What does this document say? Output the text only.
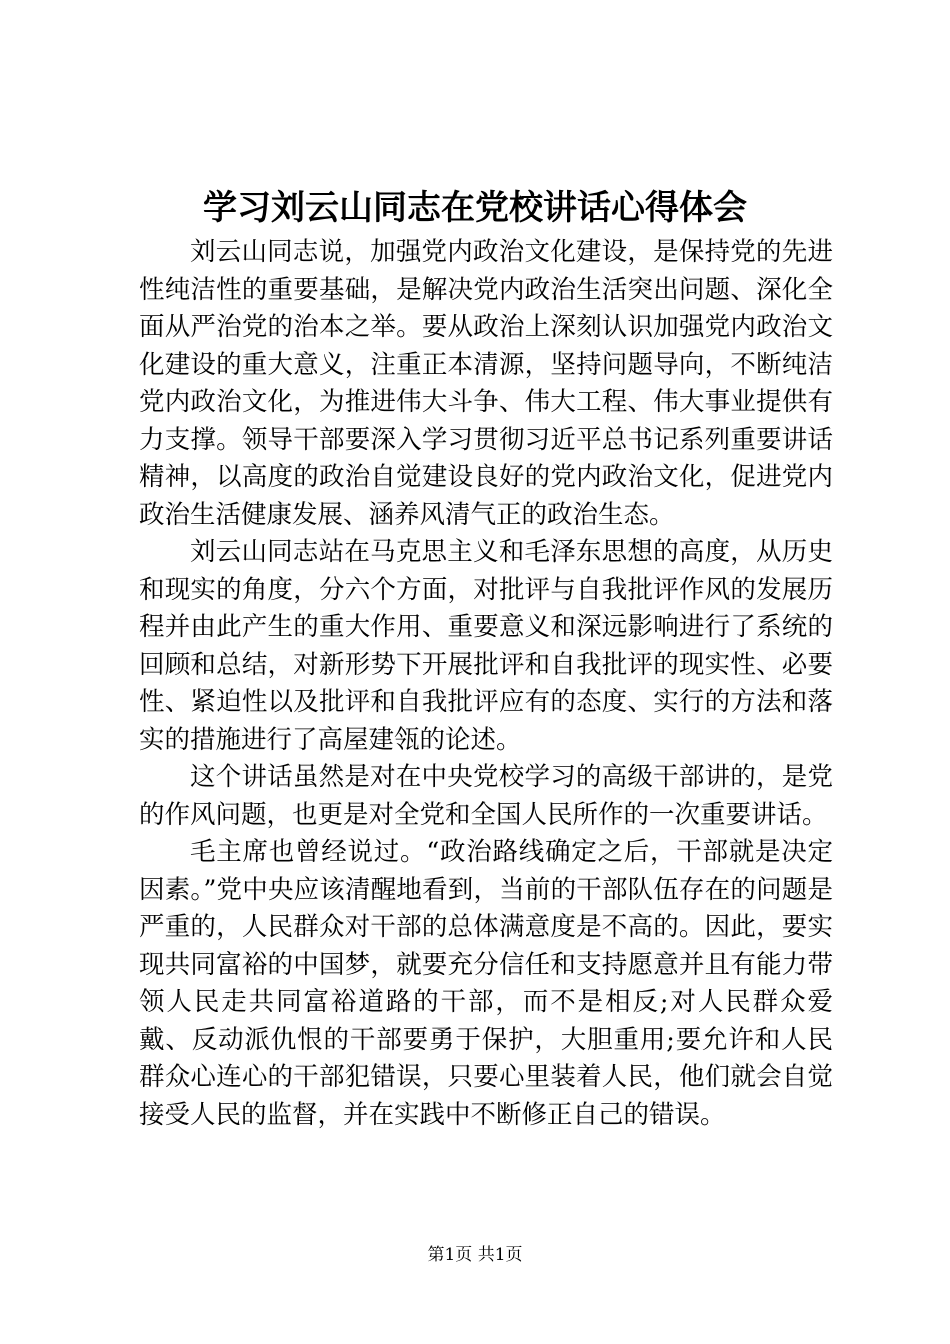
学习刘云山同志在党校讲话心得体会

刘云山同志说，加强党内政治文化建设，是保持党的先进性纯洁性的重要基础，是解决党内政治生活突出问题、深化全面从严治党的治本之举。要从政治上深刻认识加强党内政治文化建设的重大意义，注重正本清源，坚持问题导向，不断纯洁党内政治文化，为推进伟大斗争、伟大工程、伟大事业提供有力支撑。领导干部要深入学习贯彻习近平总书记系列重要讲话精神，以高度的政治自觉建设良好的党内政治文化，促进党内政治生活健康发展、涵养风清气正的政治生态。

刘云山同志站在马克思主义和毛泽东思想的高度，从历史和现实的角度，分六个方面，对批评与自我批评作风的发展历程并由此产生的重大作用、重要意义和深远影响进行了系统的回顾和总结，对新形势下开展批评和自我批评的现实性、必要性、紧迫性以及批评和自我批评应有的态度、实行的方法和落实的措施进行了高屋建瓴的论述。

这个讲话虽然是对在中央党校学习的高级干部讲的，是党的作风问题，也更是对全党和全国人民所作的一次重要讲话。

毛主席也曾经说过。“政治路线确定之后，干部就是决定因素。”党中央应该清醒地看到，当前的干部队伍存在的问题是严重的，人民群众对干部的总体满意度是不高的。因此，要实现共同富裕的中国梦，就要充分信任和支持愿意并且有能力带领人民走共同富裕道路的干部，而不是相反;对人民群众爱戴、反动派仇恨的干部要勇于保护，大胆重用;要允许和人民群众心连心的干部犯错误，只要心里装着人民，他们就会自觉接受人民的监督，并在实践中不断修正自己的错误。

第1页 共1页
